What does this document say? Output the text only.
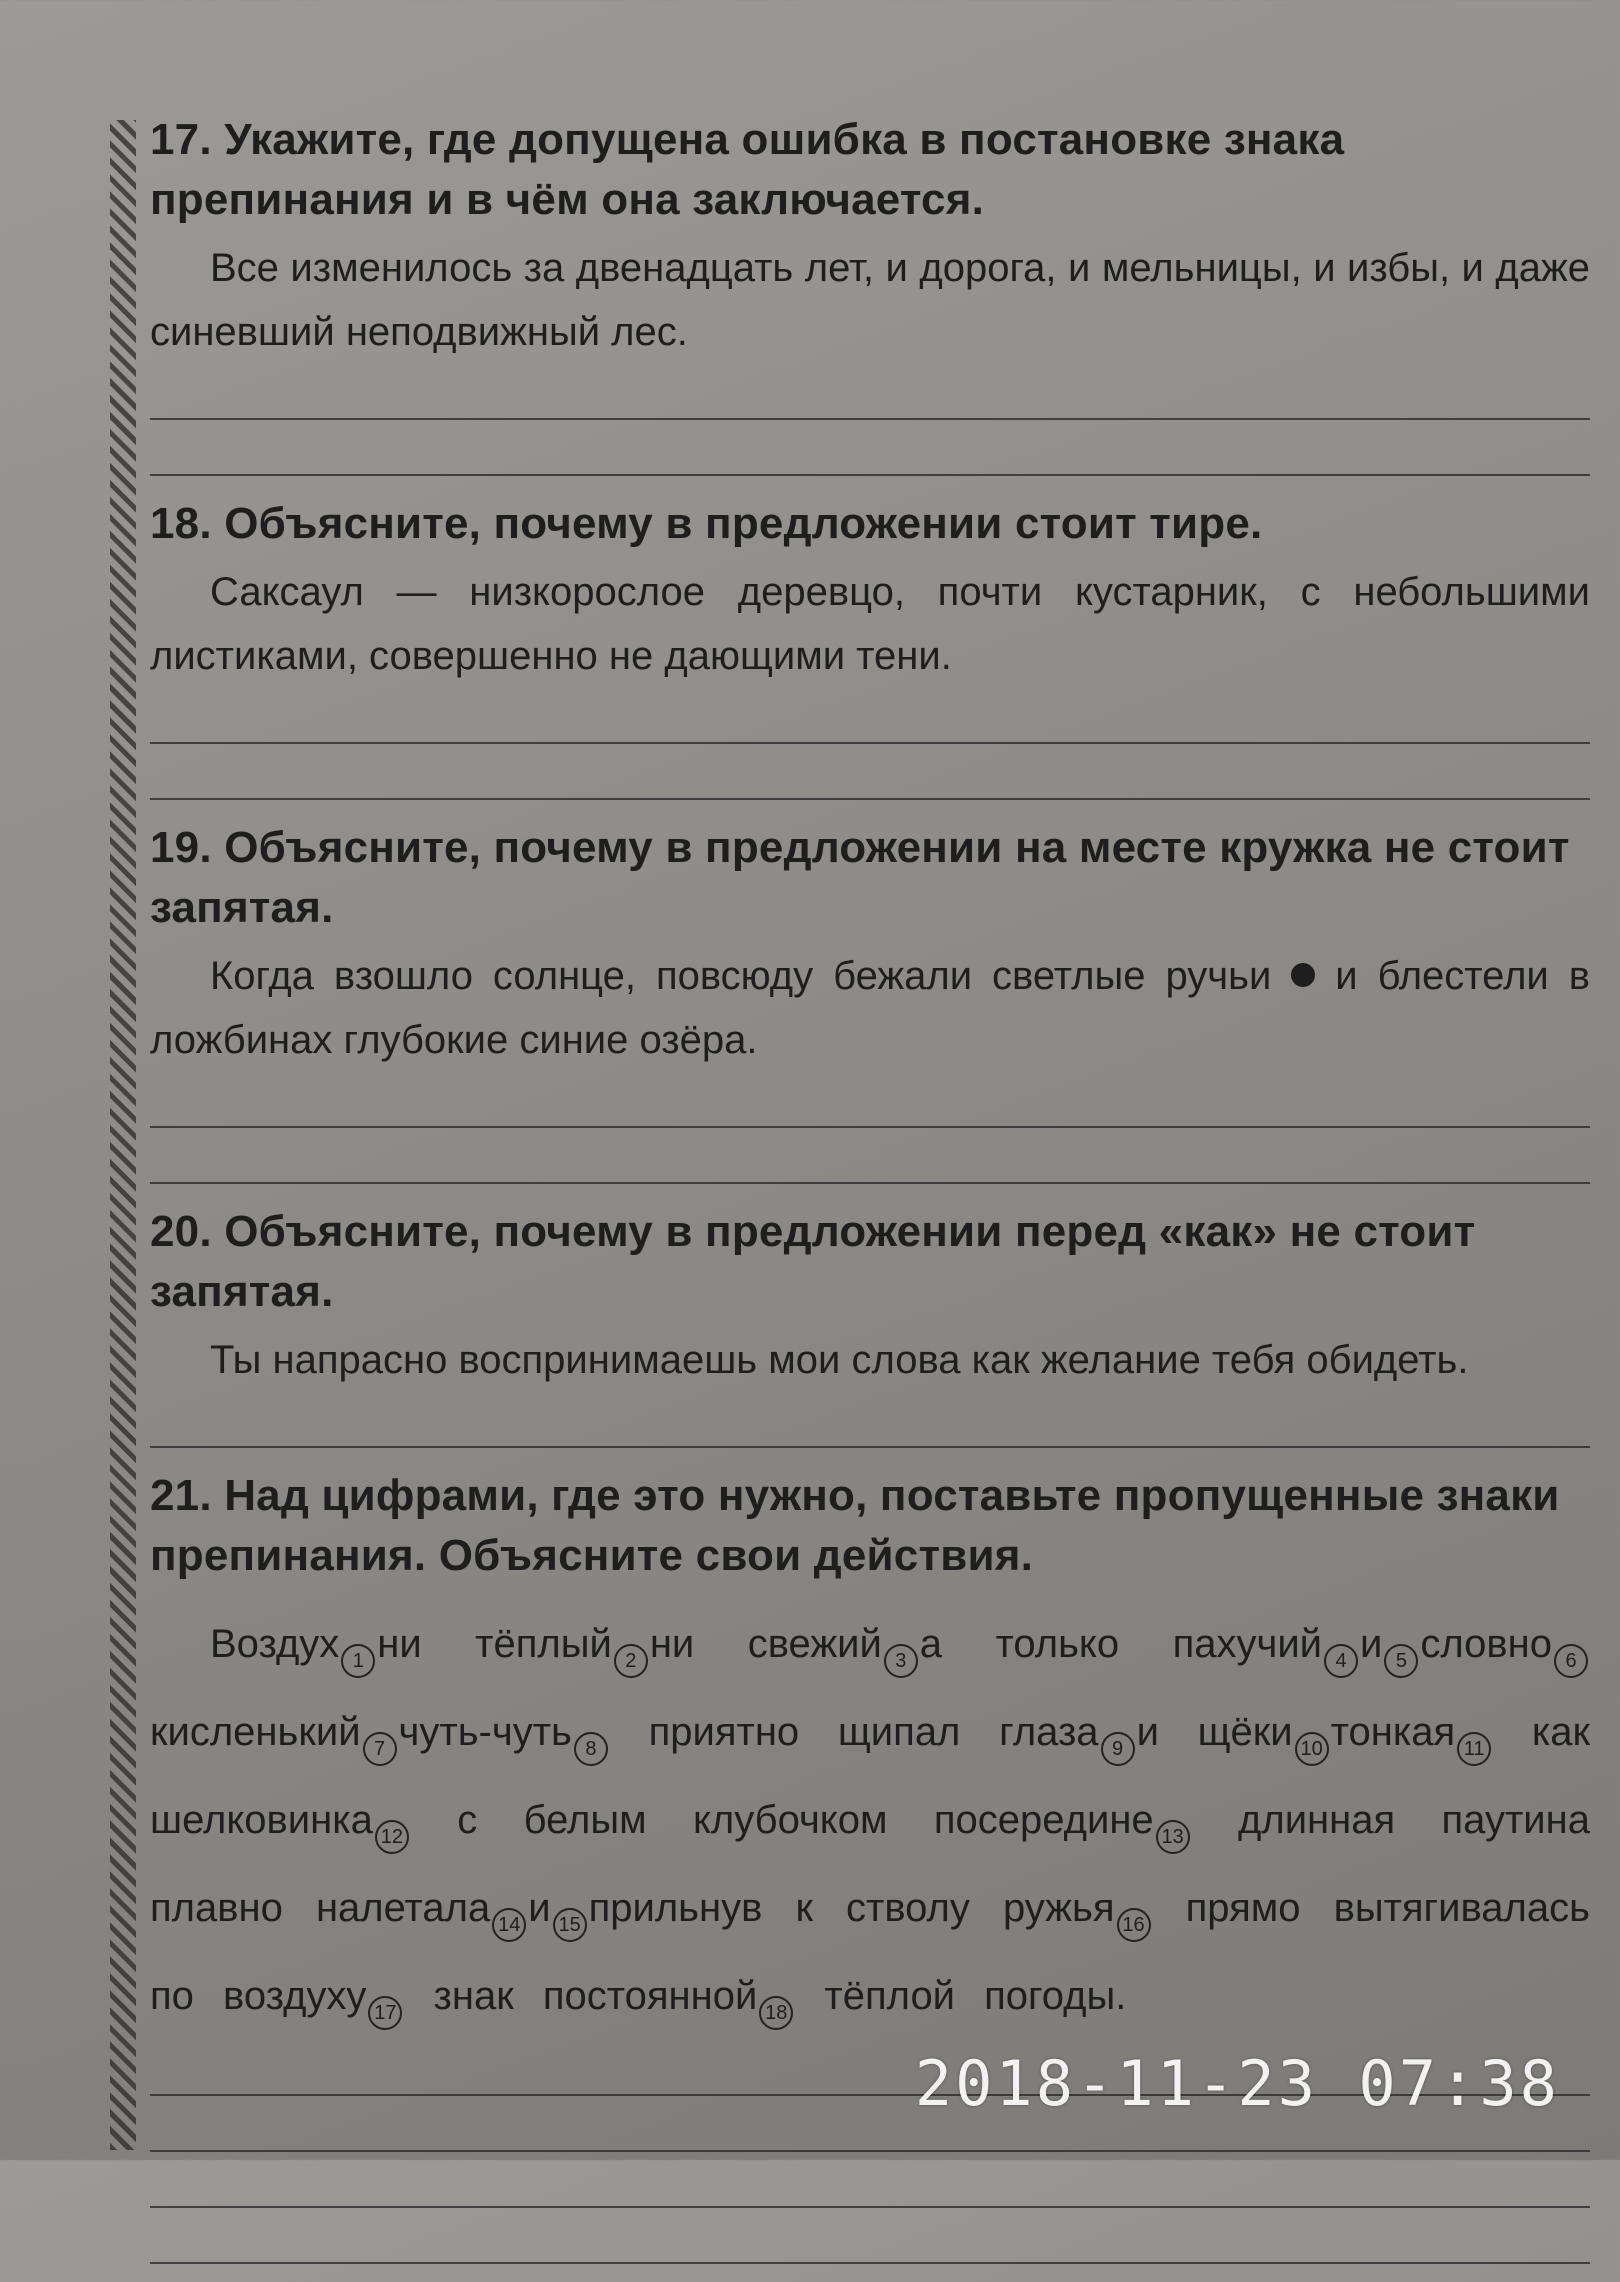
17. Укажите, где допущена ошибка в постановке знака препинания и в чём она заключается.

Все изменилось за двенадцать лет, и дорога, и мельницы, и избы, и даже синевший неподвижный лес.

18. Объясните, почему в предложении стоит тире.

Саксаул — низкорослое деревцо, почти кустарник, с небольшими листиками, совершенно не дающими тени.

19. Объясните, почему в предложении на месте кружка не стоит запятая.

Когда взошло солнце, повсюду бежали светлые ручьи и блестели в ложбинах глубокие синие озёра.

20. Объясните, почему в предложении перед «как» не стоит запятая.

Ты напрасно воспринимаешь мои слова как желание тебя обидеть.

21. Над цифрами, где это нужно, поставьте пропущенные знаки препинания. Объясните свои действия.

Воздух 1 ни тёплый 2 ни свежий 3 а только пахучий 4 и 5 словно 6 кисленький 7 чуть-чуть 8 приятно щипал глаза 9 и щёки 10 тонкая 11 как шелковинка 12 с белым клубочком посередине 13 длинная паутина плавно налетала 14 и 15 прильнув к стволу ружья 16 прямо вытягивалась по воздуху 17 знак постоянной 18 тёплой погоды.

2018-11-23 07:38
